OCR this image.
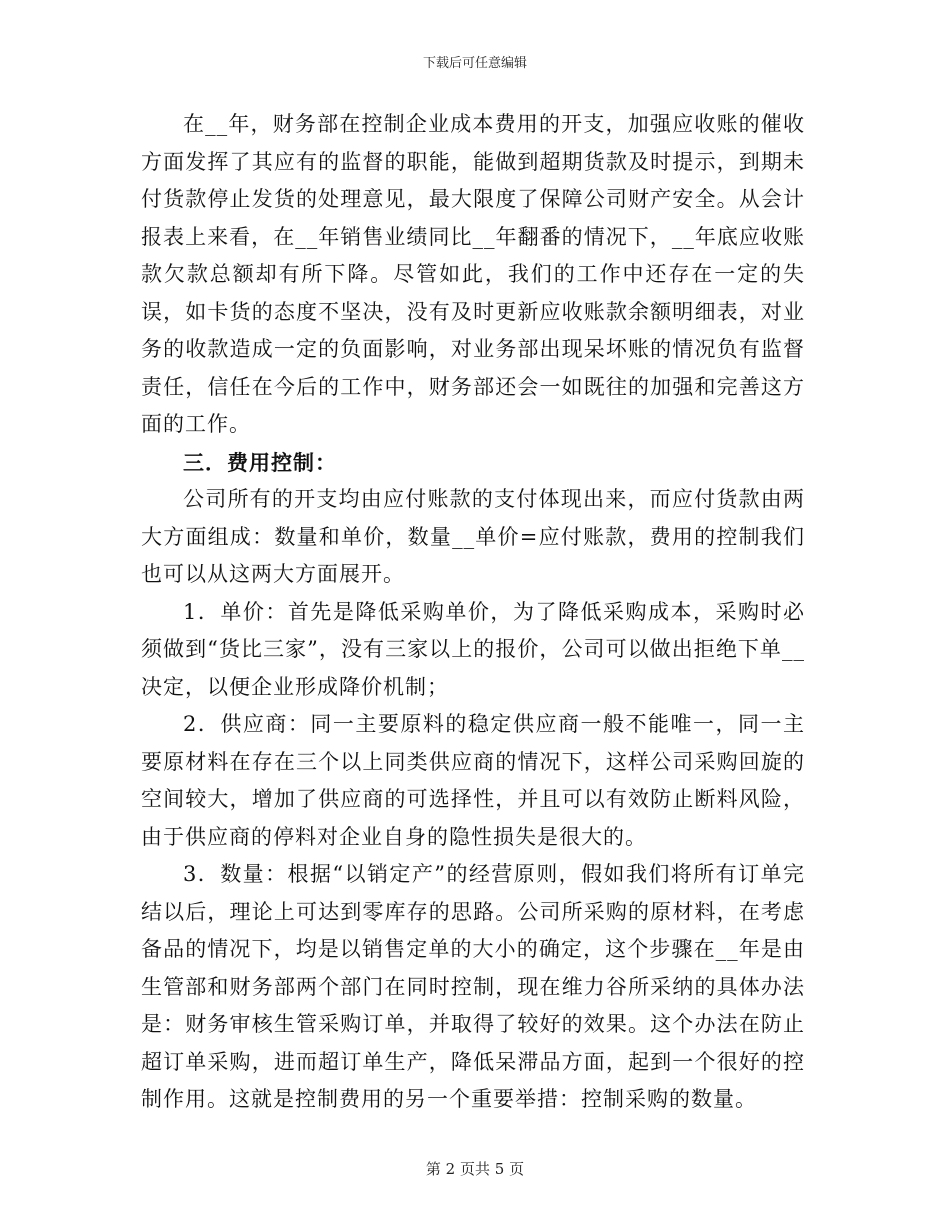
下载后可任意编辑

在__年，财务部在控制企业成本费用的开支，加强应收账的催收方面发挥了其应有的监督的职能，能做到超期货款及时提示，到期未付货款停止发货的处理意见，最大限度了保障公司财产安全。从会计报表上来看，在__年销售业绩同比__年翻番的情况下，__年底应收账款欠款总额却有所下降。尽管如此，我们的工作中还存在一定的失误，如卡货的态度不坚决，没有及时更新应收账款余额明细表，对业务的收款造成一定的负面影响，对业务部出现呆坏账的情况负有监督责任，信任在今后的工作中，财务部还会一如既往的加强和完善这方面的工作。

三．费用控制：

公司所有的开支均由应付账款的支付体现出来，而应付货款由两大方面组成：数量和单价，数量__单价=应付账款，费用的控制我们也可以从这两大方面展开。

1．单价：首先是降低采购单价，为了降低采购成本，采购时必须做到“货比三家”，没有三家以上的报价，公司可以做出拒绝下单__决定，以便企业形成降价机制；

2．供应商：同一主要原料的稳定供应商一般不能唯一，同一主要原材料在存在三个以上同类供应商的情况下，这样公司采购回旋的空间较大，增加了供应商的可选择性，并且可以有效防止断料风险，由于供应商的停料对企业自身的隐性损失是很大的。

3．数量：根据“以销定产”的经营原则，假如我们将所有订单完结以后，理论上可达到零库存的思路。公司所采购的原材料，在考虑备品的情况下，均是以销售定单的大小的确定，这个步骤在__年是由生管部和财务部两个部门在同时控制，现在维力谷所采纳的具体办法是：财务审核生管采购订单，并取得了较好的效果。这个办法在防止超订单采购，进而超订单生产，降低呆滞品方面，起到一个很好的控制作用。这就是控制费用的另一个重要举措：控制采购的数量。

第 2 页共 5 页
